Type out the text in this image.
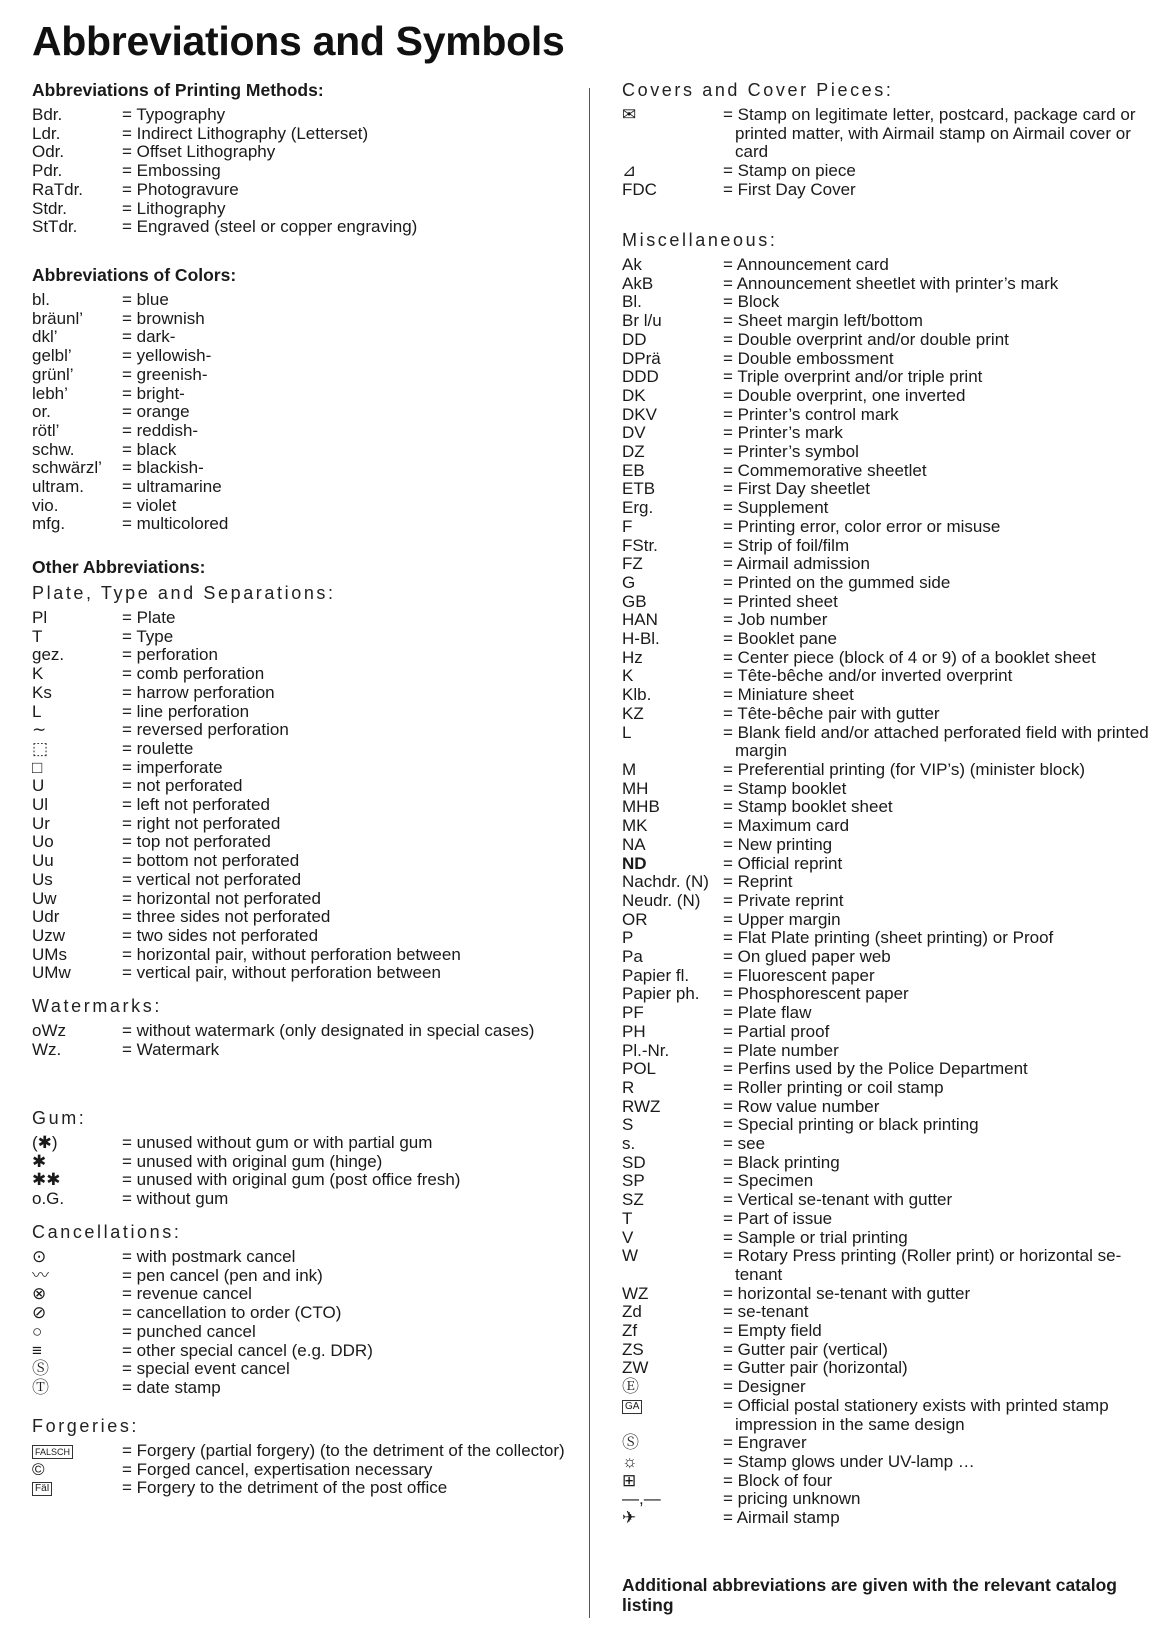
Abbreviations and Symbols
Abbreviations of Printing Methods:
Bdr.	= Typography
Ldr.	= Indirect Lithography (Letterset)
Odr.	= Offset Lithography
Pdr.	= Embossing
RaTdr.	= Photogravure
Stdr.	= Lithography
StTdr.	= Engraved (steel or copper engraving)
Abbreviations of Colors:
bl.	= blue
bräunl’	= brownish
dkl’	= dark-
gelbl’	= yellowish-
grünl’	= greenish-
lebh’	= bright-
or.	= orange
rötl’	= reddish-
schw.	= black
schwärzl’	= blackish-
ultram.	= ultramarine
vio.	= violet
mfg.	= multicolored
Other Abbreviations:
Plate, Type and Separations:
Pl	= Plate
T	= Type
gez.	= perforation
K	= comb perforation
Ks	= harrow perforation
L	= line perforation
∼	= reversed perforation
⬚	= roulette
□	= imperforate
U	= not perforated
Ul	= left not perforated
Ur	= right not perforated
Uo	= top not perforated
Uu	= bottom not perforated
Us	= vertical not perforated
Uw	= horizontal not perforated
Udr	= three sides not perforated
Uzw	= two sides not perforated
UMs	= horizontal pair, without perforation between
UMw	= vertical pair, without perforation between
Watermarks:
oWz	= without watermark (only designated in special cases)
Wz.	= Watermark
Gum:
(✱)	= unused without gum or with partial gum
✱	= unused with original gum (hinge)
✱✱	= unused with original gum (post office fresh)
o.G.	= without gum
Cancellations:
⊙	= with postmark cancel
〰	= pen cancel (pen and ink)
⊗	= revenue cancel
⊘	= cancellation to order (CTO)
○	= punched cancel
≡	= other special cancel (e.g. DDR)
Ⓢ	= special event cancel
Ⓣ	= date stamp
Forgeries:
FALSCH	= Forgery (partial forgery) (to the detriment of the collector)
©	= Forged cancel, expertisation necessary
FäI	= Forgery to the detriment of the post office
Covers and Cover Pieces:
✉	= Stamp on legitimate letter, postcard, package card or printed matter, with Airmail stamp on Airmail cover or card
⊿	= Stamp on piece
FDC	= First Day Cover
Miscellaneous:
Ak	= Announcement card
AkB	= Announcement sheetlet with printer’s mark
Bl.	= Block
Br l/u	= Sheet margin left/bottom
DD	= Double overprint and/or double print
DPrä	= Double embossment
DDD	= Triple overprint and/or triple print
DK	= Double overprint, one inverted
DKV	= Printer’s control mark
DV	= Printer’s mark
DZ	= Printer’s symbol
EB	= Commemorative sheetlet
ETB	= First Day sheetlet
Erg.	= Supplement
F	= Printing error, color error or misuse
FStr.	= Strip of foil/film
FZ	= Airmail admission
G	= Printed on the gummed side
GB	= Printed sheet
HAN	= Job number
H-Bl.	= Booklet pane
Hz	= Center piece (block of 4 or 9) of a booklet sheet
K	= Tête-bêche and/or inverted overprint
Klb.	= Miniature sheet
KZ	= Tête-bêche pair with gutter
L	= Blank field and/or attached perforated field with printed margin
M	= Preferential printing (for VIP’s) (minister block)
MH	= Stamp booklet
MHB	= Stamp booklet sheet
MK	= Maximum card
NA	= New printing
ND	= Official reprint
Nachdr. (N) = Reprint
Neudr. (N)	= Private reprint
OR	= Upper margin
P	= Flat Plate printing (sheet printing) or Proof
Pa	= On glued paper web
Papier fl.	= Fluorescent paper
Papier ph.	= Phosphorescent paper
PF	= Plate flaw
PH	= Partial proof
Pl.-Nr.	= Plate number
POL	= Perfins used by the Police Department
R	= Roller printing or coil stamp
RWZ	= Row value number
S	= Special printing or black printing
s.	= see
SD	= Black printing
SP	= Specimen
SZ	= Vertical se-tenant with gutter
T	= Part of issue
V	= Sample or trial printing
W	= Rotary Press printing (Roller print) or horizontal se-tenant
WZ	= horizontal se-tenant with gutter
Zd	= se-tenant
Zf	= Empty field
ZS	= Gutter pair (vertical)
ZW	= Gutter pair (horizontal)
Ⓔ	= Designer
GA	= Official postal stationery exists with printed stamp impression in the same design
Ⓢ	= Engraver
☼	= Stamp glows under UV-lamp …
⊞	= Block of four
—,—	= pricing unknown
✈	= Airmail stamp
Additional abbreviations are given with the relevant catalog listing
